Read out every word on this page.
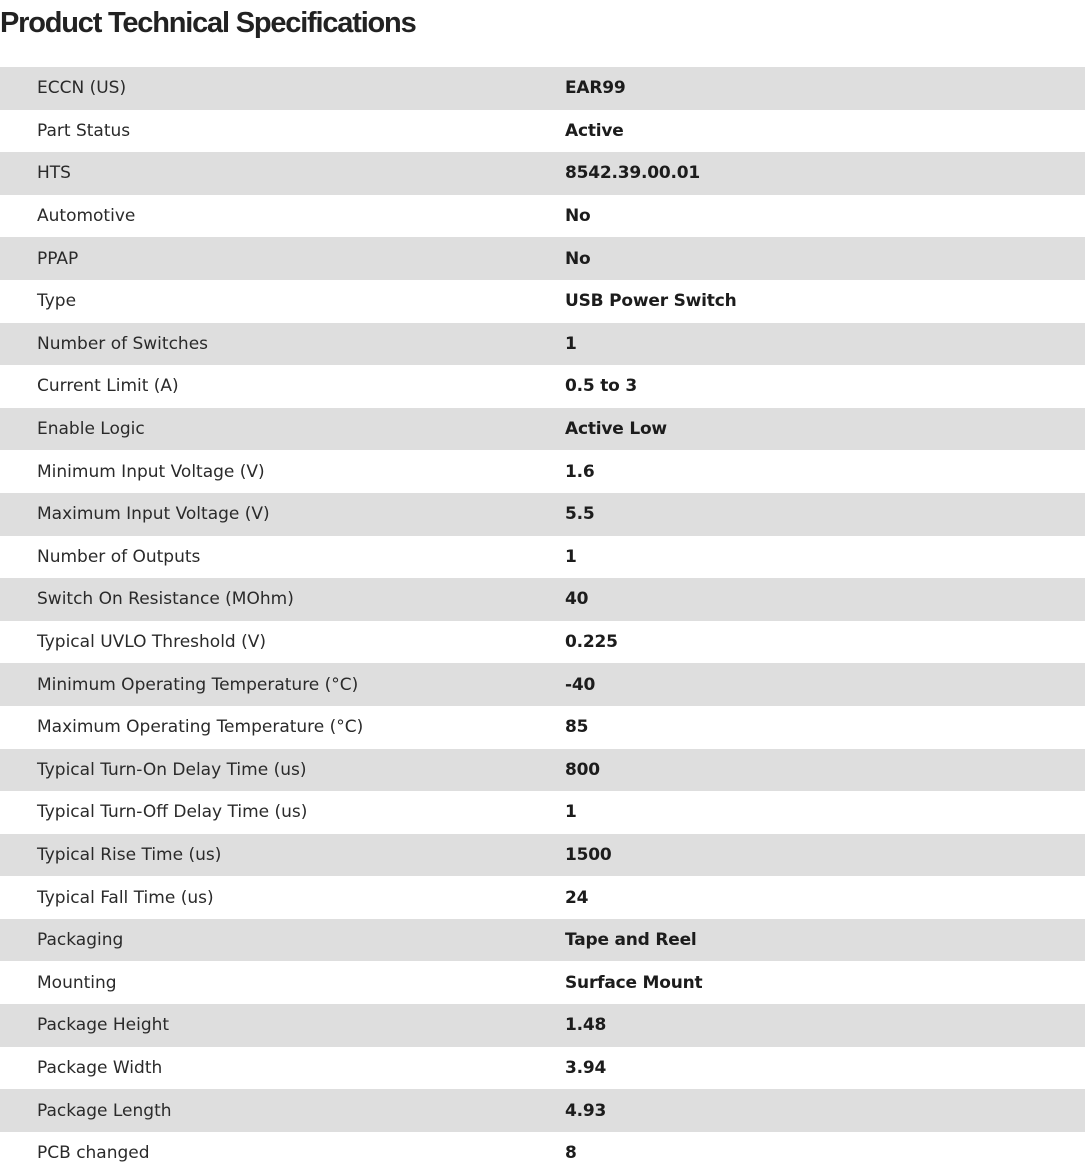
Product Technical Specifications
ECCN (US)	EAR99
Part Status	Active
HTS	8542.39.00.01
Automotive	No
PPAP	No
Type	USB Power Switch
Number of Switches	1
Current Limit (A)	0.5 to 3
Enable Logic	Active Low
Minimum Input Voltage (V)	1.6
Maximum Input Voltage (V)	5.5
Number of Outputs	1
Switch On Resistance (MOhm)	40
Typical UVLO Threshold (V)	0.225
Minimum Operating Temperature (°C)	-40
Maximum Operating Temperature (°C)	85
Typical Turn-On Delay Time (us)	800
Typical Turn-Off Delay Time (us)	1
Typical Rise Time (us)	1500
Typical Fall Time (us)	24
Packaging	Tape and Reel
Mounting	Surface Mount
Package Height	1.48
Package Width	3.94
Package Length	4.93
PCB changed	8
